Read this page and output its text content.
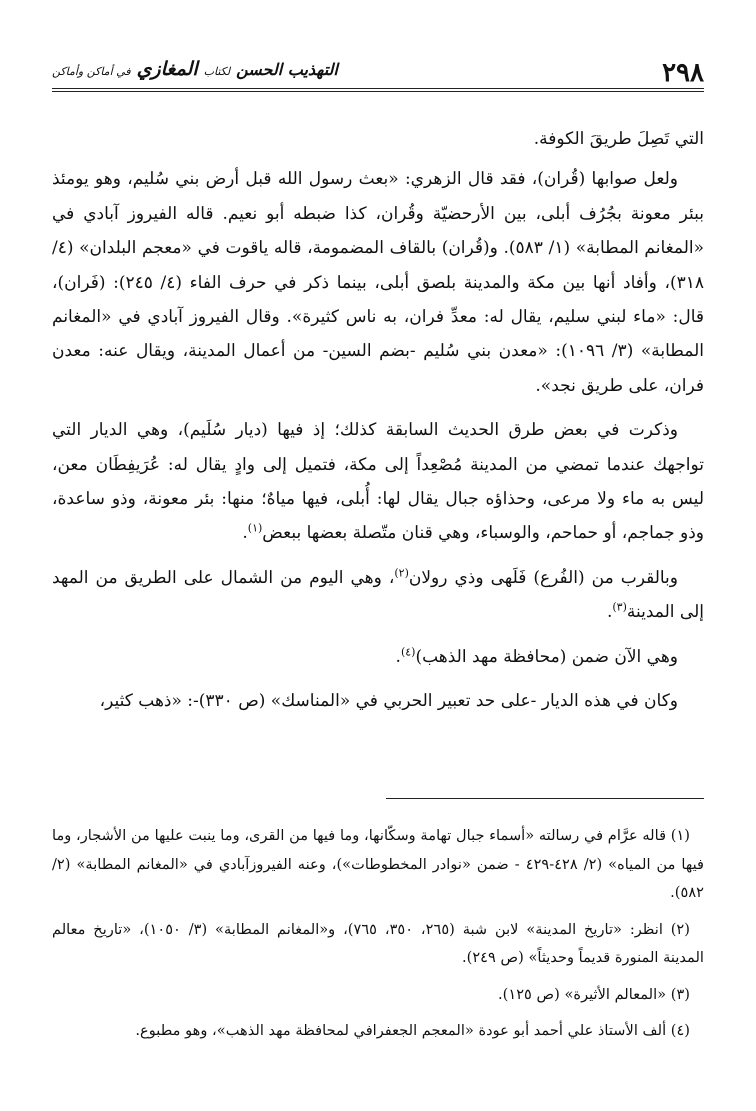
٢٩٨
التهذيب الحسن
لكتاب
المغازي
في أماكن وأماكن

التي تَصِلَ طريقَ الكوفة.

ولعل صوابها (قُران)، فقد قال الزهري: «بعث رسول الله قبل أرض بني سُليم، وهو يومئذ ببئر معونة بجُرُف أبلى، بين الأرحضيّة وقُران، كذا ضبطه أبو نعيم. قاله الفيروز آبادي في «المغانم المطابة» (١/ ٥٨٣). و(قُران) بالقاف المضمومة، قاله ياقوت في «معجم البلدان» (٤/ ٣١٨)، وأفاد أنها بين مكة والمدينة بلصق أبلى، بينما ذكر في حرف الفاء (٤/ ٢٤٥): (فَران)، قال: «ماء لبني سليم، يقال له: معدِّ فران، به ناس كثيرة». وقال الفيروز آبادي في «المغانم المطابة» (٣/ ١٠٩٦): «معدن بني سُليم -بضم السين- من أعمال المدينة، ويقال عنه: معدن فران، على طريق نجد».

وذكرت في بعض طرق الحديث السابقة كذلك؛ إذ فيها (ديار سُلَيم)، وهي الديار التي تواجهك عندما تمضي من المدينة مُصْعِداً إلى مكة، فتميل إلى وادٍ يقال له: عُرَيفِطَان معن، ليس به ماء ولا مرعى، وحذاؤه جبال يقال لها: أُبلى، فيها مياهٌ؛ منها: بئر معونة، وذو ساعدة، وذو جماجم، أو حماحم، والوسباء، وهي قنان متّصلة بعضها ببعض$^{(١)}$.

وبالقرب من (الفُرع) فَلَهى وذي رولان$^{(٢)}$، وهي اليوم من الشمال على الطريق من المهد إلى المدينة$^{(٣)}$.

وهي الآن ضمن (محافظة مهد الذهب)$^{(٤)}$.

وكان في هذه الديار -على حد تعبير الحربي في «المناسك» (ص ٣٣٠)-: «ذهب كثير،

(١) قاله عرَّام في رسالته «أسماء جبال تهامة وسكّانها، وما فيها من القرى، وما ينبت عليها من الأشجار، وما فيها من المياه» (٢/ ٤٢٨-٤٢٩ - ضمن «نوادر المخطوطات»)، وعنه الفيروزآبادي في «المغانم المطابة» (٢/ ٥٨٢).

(٢) انظر: «تاريخ المدينة» لابن شبة (٢٦٥، ٣٥٠، ٧٦٥)، و«المغانم المطابة» (٣/ ١٠٥٠)، «تاريخ معالم المدينة المنورة قديماً وحديثاً» (ص ٢٤٩).

(٣) «المعالم الأثيرة» (ص ١٢٥).

(٤) ألف الأستاذ علي أحمد أبو عودة «المعجم الجعفرافي لمحافظة مهد الذهب»، وهو مطبوع.
